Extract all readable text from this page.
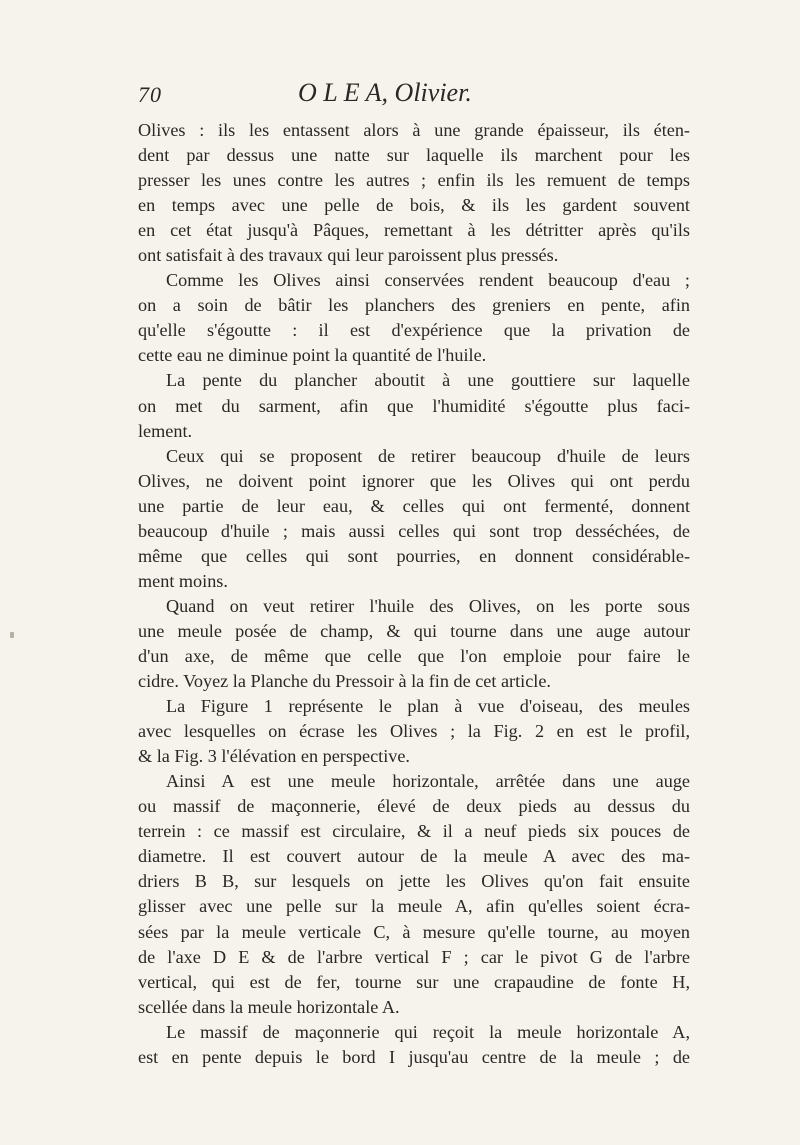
70	O L E A, Olivier.
Olives : ils les entassent alors à une grande épaisseur, ils éten-
dent par dessus une natte sur laquelle ils marchent pour les
presser les unes contre les autres ; enfin ils les remuent de temps
en temps avec une pelle de bois, & ils les gardent souvent
en cet état jusqu'à Pâques, remettant à les détritter après qu'ils
ont satisfait à des travaux qui leur paroissent plus pressés.
Comme les Olives ainsi conservées rendent beaucoup d'eau ;
on a soin de bâtir les planchers des greniers en pente, afin
qu'elle s'égoutte : il est d'expérience que la privation de
cette eau ne diminue point la quantité de l'huile.
La pente du plancher aboutit à une gouttiere sur laquelle
on met du sarment, afin que l'humidité s'égoutte plus faci-
lement.
Ceux qui se proposent de retirer beaucoup d'huile de leurs
Olives, ne doivent point ignorer que les Olives qui ont perdu
une partie de leur eau, & celles qui ont fermenté, donnent
beaucoup d'huile ; mais aussi celles qui sont trop desséchées, de
même que celles qui sont pourries, en donnent considérable-
ment moins.
Quand on veut retirer l'huile des Olives, on les porte sous
une meule posée de champ, & qui tourne dans une auge autour
d'un axe, de même que celle que l'on emploie pour faire le
cidre. Voyez la Planche du Pressoir à la fin de cet article.
La Figure 1 représente le plan à vue d'oiseau, des meules
avec lesquelles on écrase les Olives ; la Fig. 2 en est le profil,
& la Fig. 3 l'élévation en perspective.
Ainsi A est une meule horizontale, arrêtée dans une auge
ou massif de maçonnerie, élevé de deux pieds au dessus du
terrein : ce massif est circulaire, & il a neuf pieds six pouces de
diametre. Il est couvert autour de la meule A avec des ma-
driers B B, sur lesquels on jette les Olives qu'on fait ensuite
glisser avec une pelle sur la meule A, afin qu'elles soient écra-
sées par la meule verticale C, à mesure qu'elle tourne, au moyen
de l'axe D E & de l'arbre vertical F ; car le pivot G de l'arbre
vertical, qui est de fer, tourne sur une crapaudine de fonte H,
scellée dans la meule horizontale A.
Le massif de maçonnerie qui reçoit la meule horizontale A,
est en pente depuis le bord I jusqu'au centre de la meule ; de
